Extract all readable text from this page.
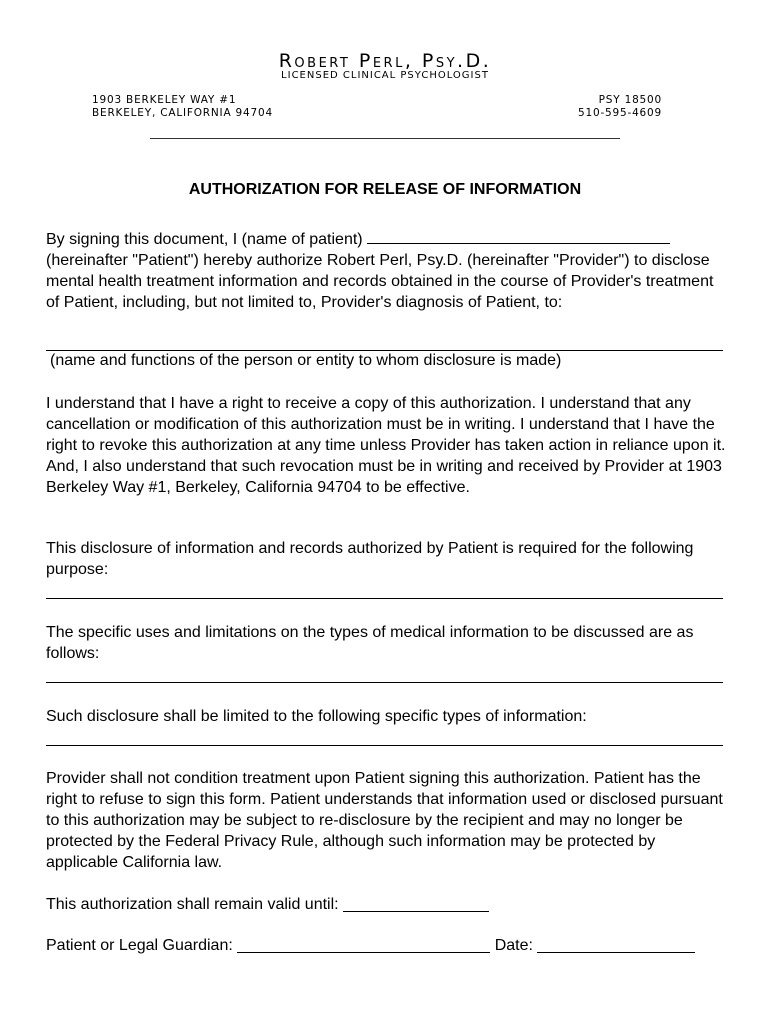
Robert Perl, Psy.D.
LICENSED CLINICAL PSYCHOLOGIST
1903 BERKELEY WAY #1
BERKELEY, CALIFORNIA 94704
PSY 18500
510-595-4609
AUTHORIZATION FOR RELEASE OF INFORMATION
By signing this document, I (name of patient)  (hereinafter "Patient") hereby authorize Robert Perl, Psy.D. (hereinafter "Provider") to disclose mental health treatment information and records obtained in the course of Provider's treatment of Patient, including, but not limited to, Provider's diagnosis of Patient, to:
(name and functions of the person or entity to whom disclosure is made)
I understand that I have a right to receive a copy of this authorization. I understand that any cancellation or modification of this authorization must be in writing. I understand that I have the right to revoke this authorization at any time unless Provider has taken action in reliance upon it. And, I also understand that such revocation must be in writing and received by Provider at 1903 Berkeley Way #1, Berkeley, California 94704 to be effective.
This disclosure of information and records authorized by Patient is required for the following purpose:
The specific uses and limitations on the types of medical information to be discussed are as follows:
Such disclosure shall be limited to the following specific types of information:
Provider shall not condition treatment upon Patient signing this authorization. Patient has the right to refuse to sign this form. Patient understands that information used or disclosed pursuant to this authorization may be subject to re-disclosure by the recipient and may no longer be protected by the Federal Privacy Rule, although such information may be protected by applicable California law.
This authorization shall remain valid until:
Patient or Legal Guardian:	Date:
